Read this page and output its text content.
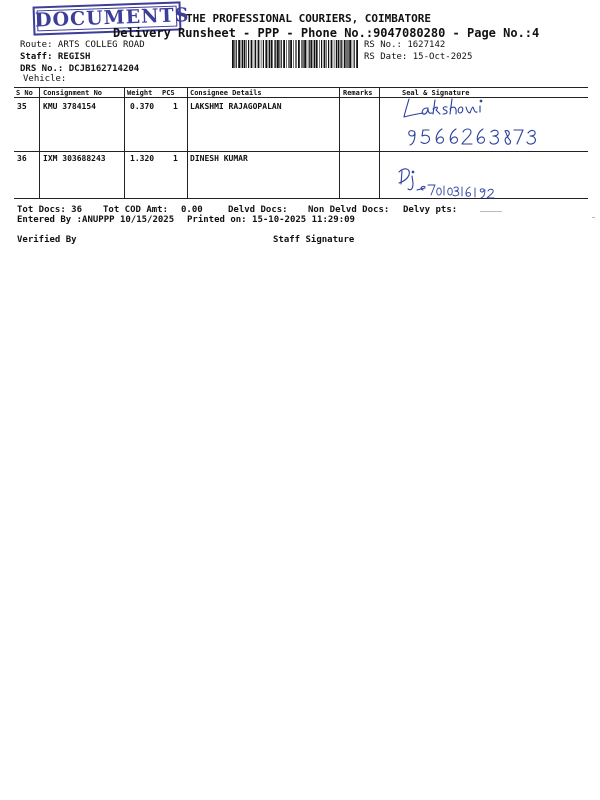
DOCUMENTS
THE PROFESSIONAL COURIERS, COIMBATORE
Delivery Runsheet - PPP - Phone No.:9047080280 - Page No.:4
Route: ARTS COLLEG ROAD
Staff: REGISH
DRS No.: DCJB162714204
Vehicle:
RS No.: 1627142
RS Date: 15-Oct-2025
S No Consignment No	Weight PCS Consignee Details	Remarks	Seal & Signature
35 KMU 3784154	0.370 1 LAKSHMI RAJAGOPALAN
36 IXM 303688243	1.320 1 DINESH KUMAR
Tot Docs: 36 Tot COD Amt: 0.00	Delvd Docs: Non Delvd Docs: Delvy pts:
Entered By :ANUPPP 10/15/2025 Printed on: 15-10-2025 11:29:09
Verified By	Staff Signature
